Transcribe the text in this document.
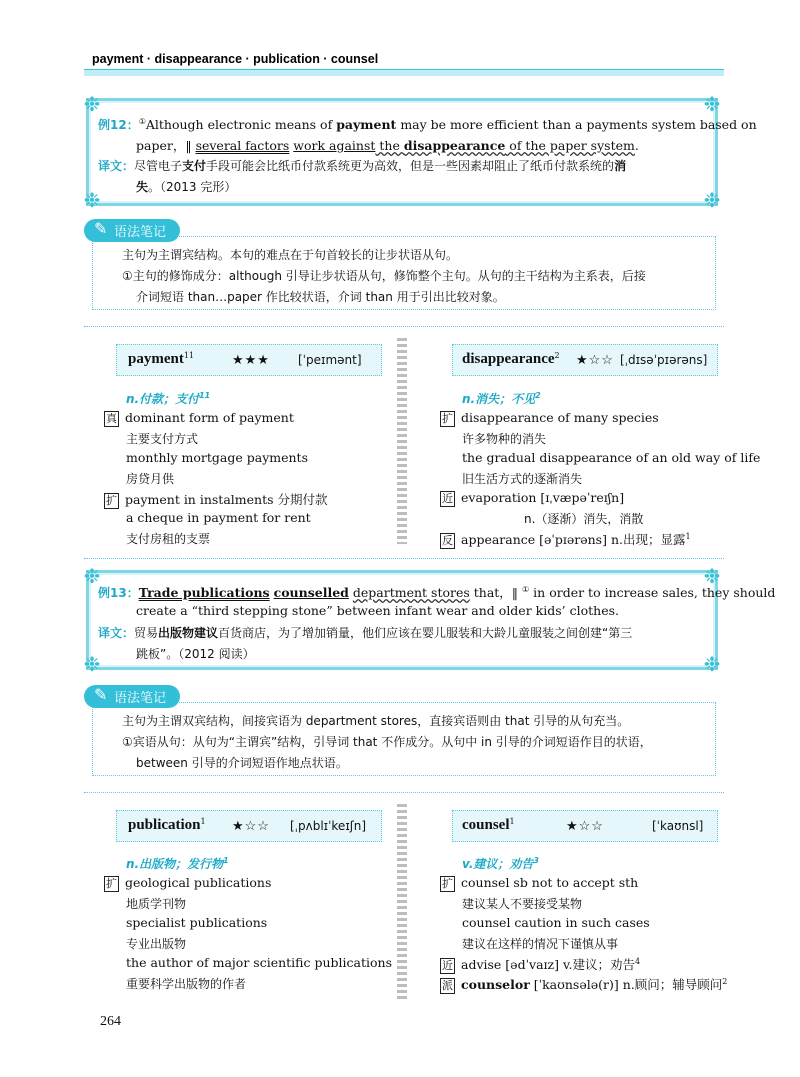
payment · disappearance · publication · counsel
❉	❉
❉	❉
例12：①Although electronic means of payment may be more efficient than a payments system based on
paper，‖ several factors work against the disappearance of the paper system.
译文：尽管电子支付手段可能会比纸币付款系统更为高效，但是一些因素却阻止了纸币付款系统的消
失。（2013 完形）
语法笔记
✎
主句为主谓宾结构。本句的难点在于句首较长的让步状语从句。
①主句的修饰成分：although 引导让步状语从句，修饰整个主句。从句的主干结构为主系表，后接
介词短语 than…paper 作比较状语，介词 than 用于引出比较对象。
payment$^{11}$	★★★ [ˈpeɪmənt]
n.付款；支付$^{11}$
真 dominant form of payment
主要支付方式
monthly mortgage payments
房贷月供
扩 payment in instalments 分期付款
a cheque in payment for rent
支付房租的支票
disappearance$^2$ ★☆☆ [ˌdɪsəˈpɪərəns]
n.消失；不见$^2$
扩 disappearance of many species
许多物种的消失
the gradual disappearance of an old way of life
旧生活方式的逐渐消失
近 evaporation [ɪˌvæpəˈreɪʃn]
n.（逐渐）消失，消散
反 appearance [əˈpɪərəns] n.出现；显露$^1$
❉	❉
❉	❉
例13：Trade publications counselled department stores that，‖ ① in order to increase sales, they should
create a “third stepping stone” between infant wear and older kids’ clothes.
译文：贸易出版物建议百货商店，为了增加销量，他们应该在婴儿服装和大龄儿童服装之间创建“第三
跳板”。（2012 阅读）
语法笔记
✎
主句为主谓双宾结构，间接宾语为 department stores，直接宾语则由 that 引导的从句充当。
①宾语从句：从句为“主谓宾”结构，引导词 that 不作成分。从句中 in 引导的介词短语作目的状语，
between 引导的介词短语作地点状语。
publication$^1$ ★☆☆ [ˌpʌblɪˈkeɪʃn]
n.出版物；发行物$^1$
扩 geological publications
地质学刊物
specialist publications
专业出版物
the author of major scientific publications
重要科学出版物的作者
counsel$^1$	★☆☆	[ˈkaʊnsl]
v.建议；劝告$^3$
扩 counsel sb not to accept sth
建议某人不要接受某物
counsel caution in such cases
建议在这样的情况下谨慎从事
近 advise [ədˈvaɪz] v.建议；劝告$^4$
派 counselor [ˈkaʊnsələ(r)] n.顾问；辅导顾问$^2$
264
